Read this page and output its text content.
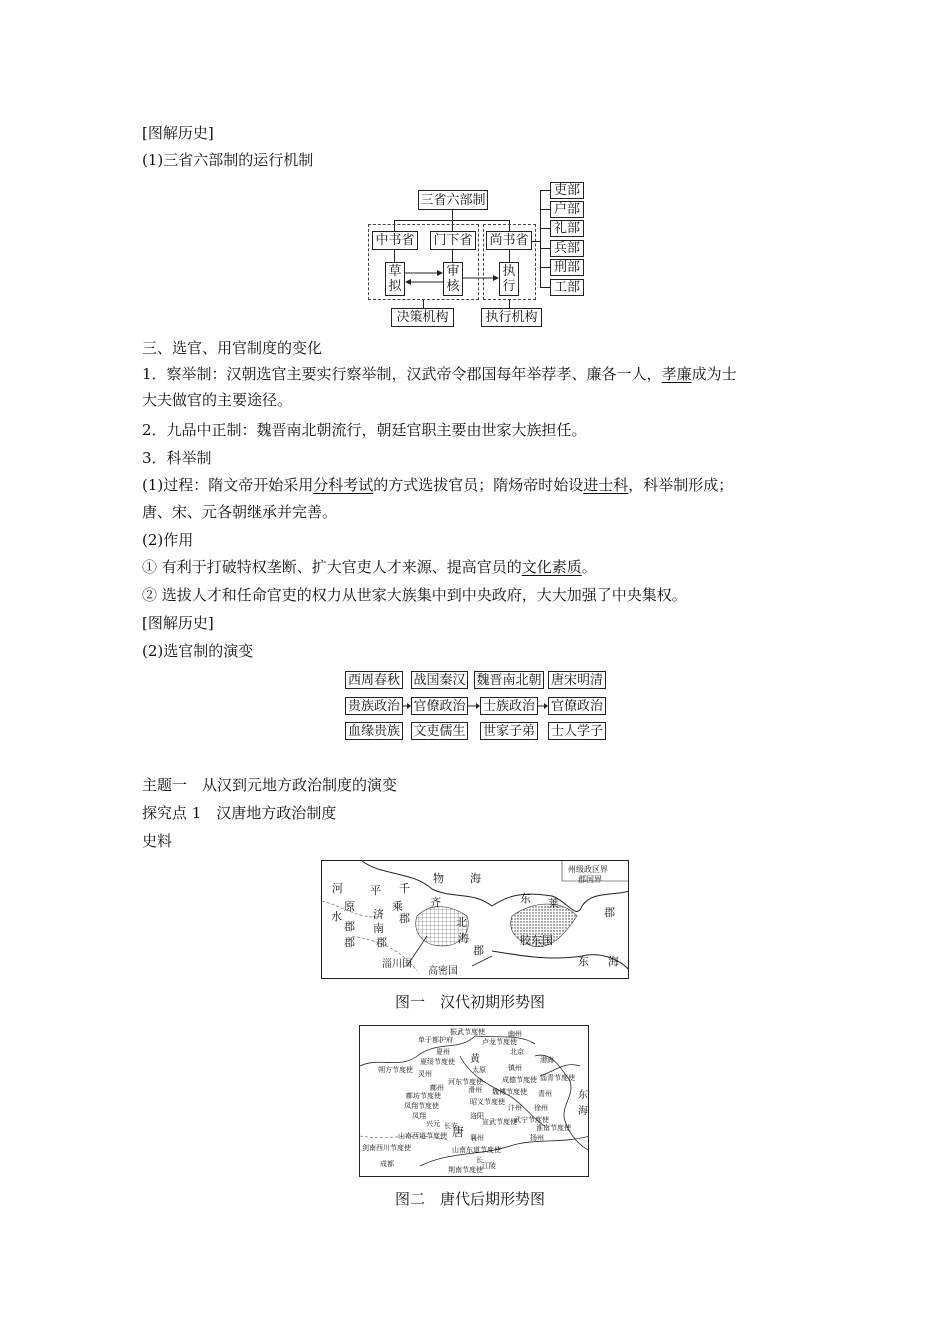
[图解历史]
(1)三省六部制的运行机制
三省六部制
中书省 门下省 尚书省
草
拟
审
核
执
行
决策机构	执行机构
吏部
户部
礼部
兵部
刑部
工部
三、选官、用官制度的变化
1．察举制：汉朝选官主要实行察举制，汉武帝令郡国每年举荐孝、廉各一人，孝廉成为士
大夫做官的主要途径。
2．九品中正制：魏晋南北朝流行，朝廷官职主要由世家大族担任。
3．科举制
(1)过程：隋文帝开始采用分科考试的方式选拔官员；隋炀帝时始设进士科，科举制形成；
唐、宋、元各朝继承并完善。
(2)作用
① 有利于打破特权垄断、扩大官吏人才来源、提高官员的文化素质。
② 选拔人才和任命官吏的权力从世家大族集中到中央政府，大大加强了中央集权。
[图解历史]
(2)选官制的演变
西周春秋 战国秦汉 魏晋南北朝 唐宋明清
贵族政治 官僚政治 士族政治 官僚政治
血缘贵族 文吏儒生 世家子弟 士人学子
主题一　从汉到元地方政治制度的演变
探究点 1　汉唐地方政治制度
史料
州级政区界
郡国界
河 平 千
物 海
东 莱
原	乘 齐
郡
水	济 郡	北
郡 南
胶东国
海
郡 郡
郡
东 海
淄川国
高密国
图一　汉代初期形势图
振武节度使	幽州
单于都护府	卢龙节度使
夏州	北京
夏绥节度使 黄	渤海
朔方节度使 灵州	太原	镇州
河东节度使	成德节度使 淄青节度使
魏博节度使 青州
鄜坊节度使
鄜州
昭义节度使
东
凤翔节度使
滑州
凤翔
宣武节度使
汴州 徐州	海
兴元 长安
唐
武宁节度使
山南西道节度使	襄州
淮南节度使
剑南西川节度使
扬州
山南东道节度使
成都	长
荆南节度使 江陵
洛阳
图二　唐代后期形势图
